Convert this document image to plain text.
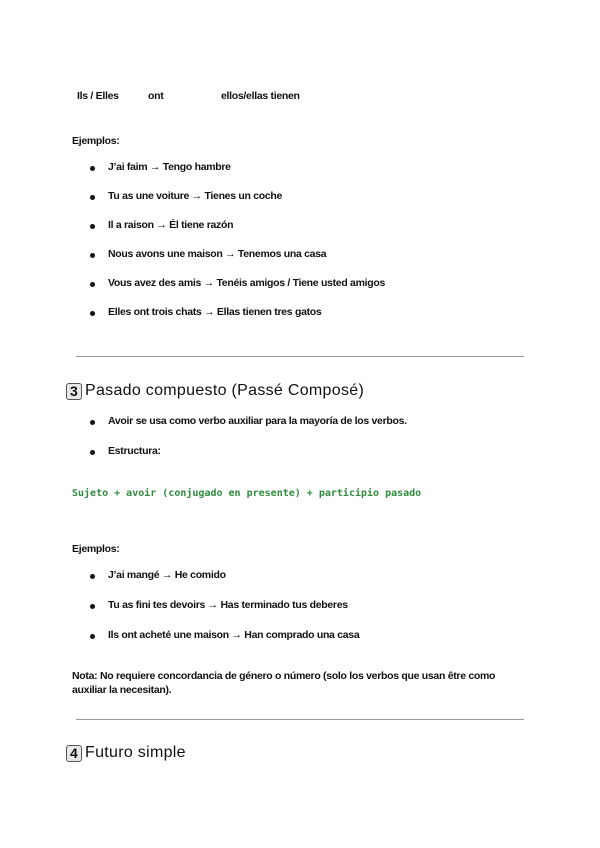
Ils / Elles	ont	ellos/ellas tienen
Ejemplos:
J’ai faim → Tengo hambre
Tu as une voiture → Tienes un coche
Il a raison → Él tiene razón
Nous avons une maison → Tenemos una casa
Vous avez des amis → Tenéis amigos / Tiene usted amigos
Elles ont trois chats → Ellas tienen tres gatos
3 Pasado compuesto (Passé Composé)
Avoir se usa como verbo auxiliar para la mayoría de los verbos.
Estructura:
Sujeto + avoir (conjugado en presente) + participio pasado
Ejemplos:
J’ai mangé → He comido
Tu as fini tes devoirs → Has terminado tus deberes
Ils ont acheté une maison → Han comprado una casa
Nota: No requiere concordancia de género o número (solo los verbos que usan être como auxiliar la necesitan).
4 Futuro simple
